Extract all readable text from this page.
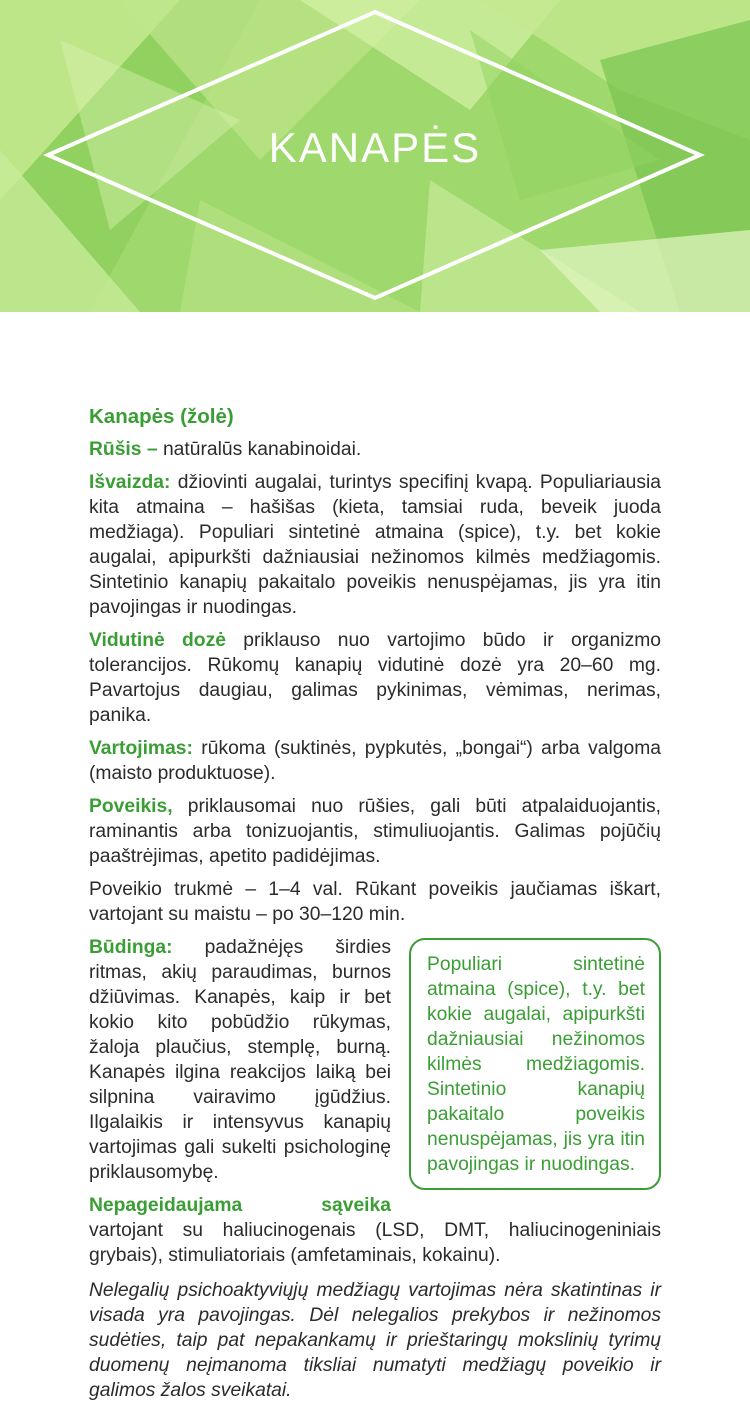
KANAPĖS
Kanapės (žolė)

Rūšis – natūralūs kanabinoidai.

Išvaizda: džiovinti augalai, turintys specifinį kvapą. Populiariausia kita atmaina – hašišas (kieta, tamsiai ruda, beveik juoda medžiaga). Populiari sintetinė atmaina (spice), t.y. bet kokie augalai, apipurkšti dažniausiai nežinomos kilmės medžiagomis. Sintetinio kanapių pakaitalo poveikis nenuspėjamas, jis yra itin pavojingas ir nuodingas.

Vidutinė dozė priklauso nuo vartojimo būdo ir organizmo tolerancijos. Rūkomų kanapių vidutinė dozė yra 20–60 mg. Pavartojus daugiau, galimas pykinimas, vėmimas, nerimas, panika.

Vartojimas: rūkoma (suktinės, pypkutės, „bongai“) arba valgoma (maisto produktuose).

Poveikis, priklausomai nuo rūšies, gali būti atpalaiduojantis, raminantis arba tonizuojantis, stimuliuojantis. Galimas pojūčių paaštrėjimas, apetito padidėjimas.

Poveikio trukmė – 1–4 val. Rūkant poveikis jaučiamas iškart, vartojant su maistu – po 30–120 min.

Populiari sintetinė atmaina (spice), t.y. bet kokie augalai, apipurkšti dažniausiai nežinomos kilmės medžiagomis. Sintetinio kanapių pakaitalo poveikis nenuspėjamas, jis yra itin pavojingas ir nuodingas.

Būdinga: padažnėjęs širdies ritmas, akių paraudimas, burnos džiūvimas. Kanapės, kaip ir bet kokio kito pobūdžio rūkymas, žaloja plaučius, stemplę, burną. Kanapės ilgina reakcijos laiką bei silpnina vairavimo įgūdžius. Ilgalaikis ir intensyvus kanapių vartojimas gali sukelti psichologinę priklausomybę.

Nepageidaujama sąveika vartojant su haliucinogenais (LSD, DMT, haliucinogeniniais grybais), stimuliatoriais (amfetaminais, kokainu).

Nelegalių psichoaktyviųjų medžiagų vartojimas nėra skatintinas ir visada yra pavojingas. Dėl nelegalios prekybos ir nežinomos sudėties, taip pat nepakankamų ir prieštaringų mokslinių tyrimų duomenų neįmanoma tiksliai numatyti medžiagų poveikio ir galimos žalos sveikatai.
